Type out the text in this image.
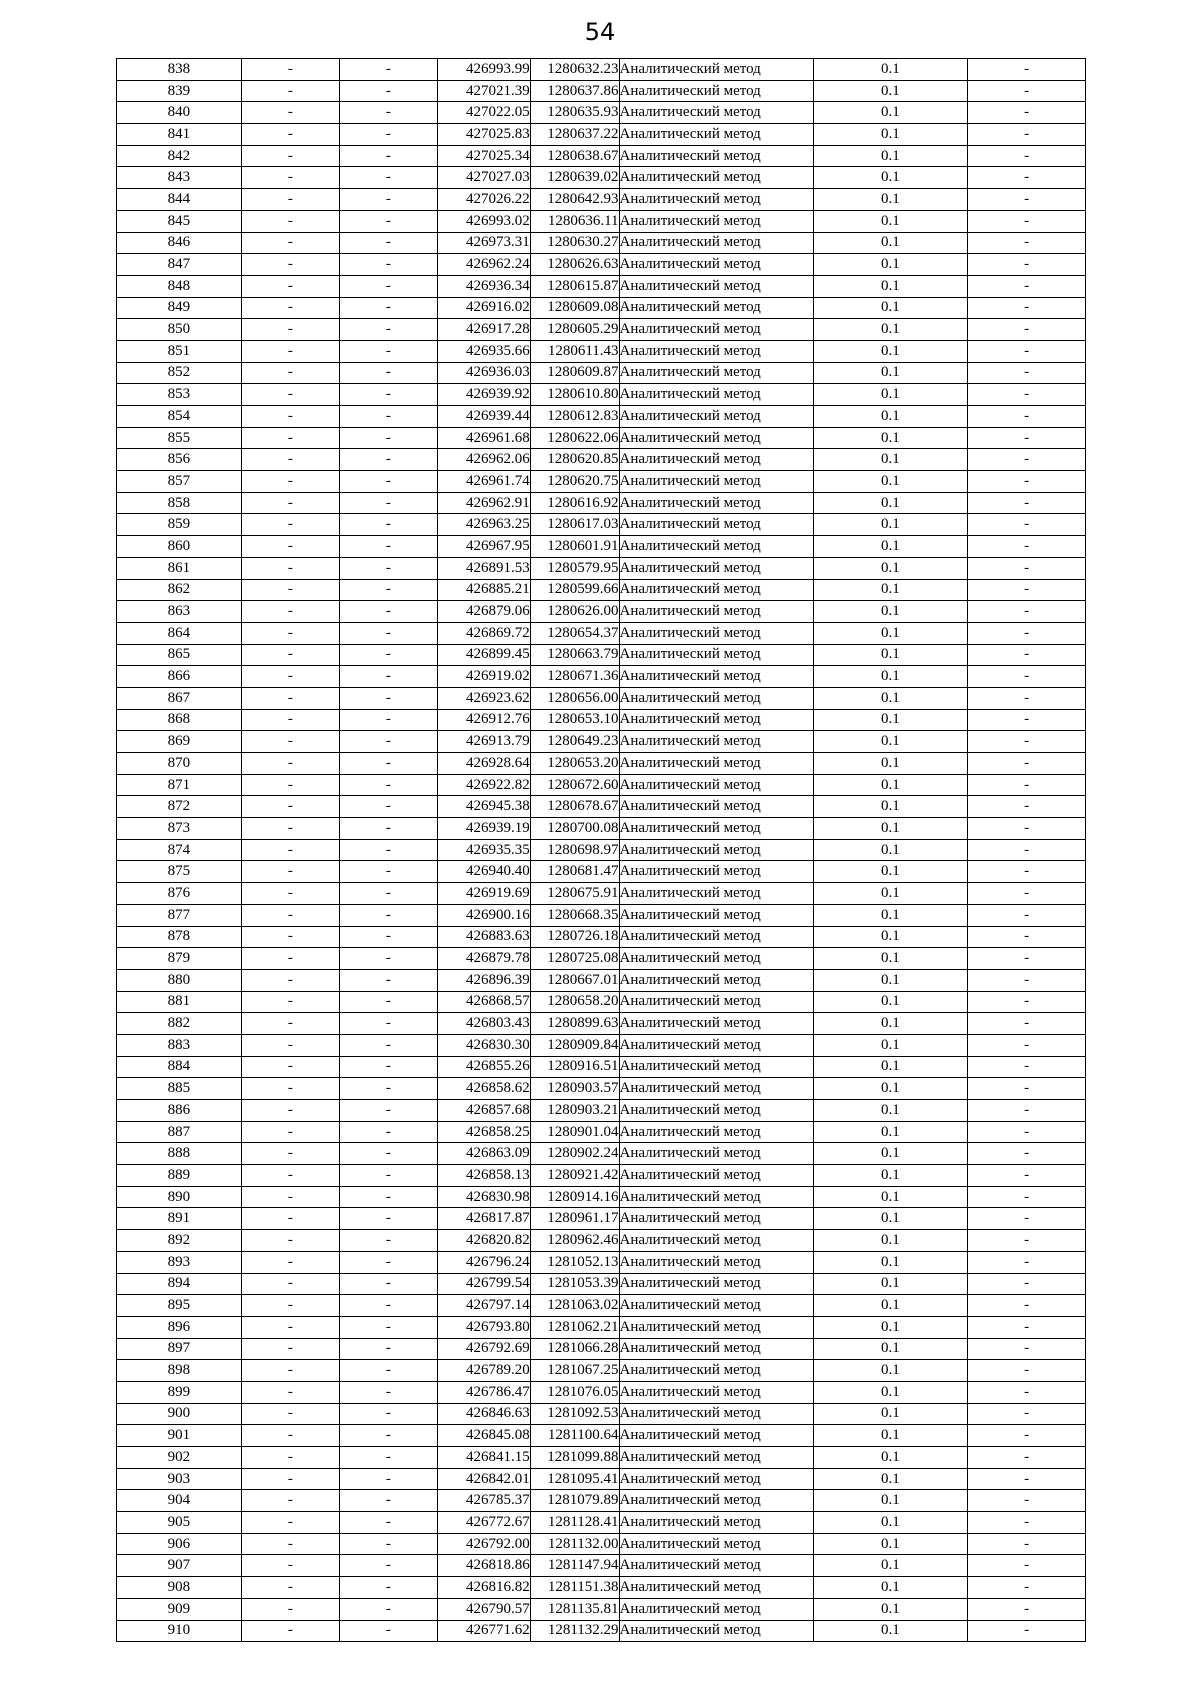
54
838	-	-	426993.99	1280632.23	Аналитический метод	0.1	-
839	-	-	427021.39	1280637.86	Аналитический метод	0.1	-
840	-	-	427022.05	1280635.93	Аналитический метод	0.1	-
841	-	-	427025.83	1280637.22	Аналитический метод	0.1	-
842	-	-	427025.34	1280638.67	Аналитический метод	0.1	-
843	-	-	427027.03	1280639.02	Аналитический метод	0.1	-
844	-	-	427026.22	1280642.93	Аналитический метод	0.1	-
845	-	-	426993.02	1280636.11	Аналитический метод	0.1	-
846	-	-	426973.31	1280630.27	Аналитический метод	0.1	-
847	-	-	426962.24	1280626.63	Аналитический метод	0.1	-
848	-	-	426936.34	1280615.87	Аналитический метод	0.1	-
849	-	-	426916.02	1280609.08	Аналитический метод	0.1	-
850	-	-	426917.28	1280605.29	Аналитический метод	0.1	-
851	-	-	426935.66	1280611.43	Аналитический метод	0.1	-
852	-	-	426936.03	1280609.87	Аналитический метод	0.1	-
853	-	-	426939.92	1280610.80	Аналитический метод	0.1	-
854	-	-	426939.44	1280612.83	Аналитический метод	0.1	-
855	-	-	426961.68	1280622.06	Аналитический метод	0.1	-
856	-	-	426962.06	1280620.85	Аналитический метод	0.1	-
857	-	-	426961.74	1280620.75	Аналитический метод	0.1	-
858	-	-	426962.91	1280616.92	Аналитический метод	0.1	-
859	-	-	426963.25	1280617.03	Аналитический метод	0.1	-
860	-	-	426967.95	1280601.91	Аналитический метод	0.1	-
861	-	-	426891.53	1280579.95	Аналитический метод	0.1	-
862	-	-	426885.21	1280599.66	Аналитический метод	0.1	-
863	-	-	426879.06	1280626.00	Аналитический метод	0.1	-
864	-	-	426869.72	1280654.37	Аналитический метод	0.1	-
865	-	-	426899.45	1280663.79	Аналитический метод	0.1	-
866	-	-	426919.02	1280671.36	Аналитический метод	0.1	-
867	-	-	426923.62	1280656.00	Аналитический метод	0.1	-
868	-	-	426912.76	1280653.10	Аналитический метод	0.1	-
869	-	-	426913.79	1280649.23	Аналитический метод	0.1	-
870	-	-	426928.64	1280653.20	Аналитический метод	0.1	-
871	-	-	426922.82	1280672.60	Аналитический метод	0.1	-
872	-	-	426945.38	1280678.67	Аналитический метод	0.1	-
873	-	-	426939.19	1280700.08	Аналитический метод	0.1	-
874	-	-	426935.35	1280698.97	Аналитический метод	0.1	-
875	-	-	426940.40	1280681.47	Аналитический метод	0.1	-
876	-	-	426919.69	1280675.91	Аналитический метод	0.1	-
877	-	-	426900.16	1280668.35	Аналитический метод	0.1	-
878	-	-	426883.63	1280726.18	Аналитический метод	0.1	-
879	-	-	426879.78	1280725.08	Аналитический метод	0.1	-
880	-	-	426896.39	1280667.01	Аналитический метод	0.1	-
881	-	-	426868.57	1280658.20	Аналитический метод	0.1	-
882	-	-	426803.43	1280899.63	Аналитический метод	0.1	-
883	-	-	426830.30	1280909.84	Аналитический метод	0.1	-
884	-	-	426855.26	1280916.51	Аналитический метод	0.1	-
885	-	-	426858.62	1280903.57	Аналитический метод	0.1	-
886	-	-	426857.68	1280903.21	Аналитический метод	0.1	-
887	-	-	426858.25	1280901.04	Аналитический метод	0.1	-
888	-	-	426863.09	1280902.24	Аналитический метод	0.1	-
889	-	-	426858.13	1280921.42	Аналитический метод	0.1	-
890	-	-	426830.98	1280914.16	Аналитический метод	0.1	-
891	-	-	426817.87	1280961.17	Аналитический метод	0.1	-
892	-	-	426820.82	1280962.46	Аналитический метод	0.1	-
893	-	-	426796.24	1281052.13	Аналитический метод	0.1	-
894	-	-	426799.54	1281053.39	Аналитический метод	0.1	-
895	-	-	426797.14	1281063.02	Аналитический метод	0.1	-
896	-	-	426793.80	1281062.21	Аналитический метод	0.1	-
897	-	-	426792.69	1281066.28	Аналитический метод	0.1	-
898	-	-	426789.20	1281067.25	Аналитический метод	0.1	-
899	-	-	426786.47	1281076.05	Аналитический метод	0.1	-
900	-	-	426846.63	1281092.53	Аналитический метод	0.1	-
901	-	-	426845.08	1281100.64	Аналитический метод	0.1	-
902	-	-	426841.15	1281099.88	Аналитический метод	0.1	-
903	-	-	426842.01	1281095.41	Аналитический метод	0.1	-
904	-	-	426785.37	1281079.89	Аналитический метод	0.1	-
905	-	-	426772.67	1281128.41	Аналитический метод	0.1	-
906	-	-	426792.00	1281132.00	Аналитический метод	0.1	-
907	-	-	426818.86	1281147.94	Аналитический метод	0.1	-
908	-	-	426816.82	1281151.38	Аналитический метод	0.1	-
909	-	-	426790.57	1281135.81	Аналитический метод	0.1	-
910	-	-	426771.62	1281132.29	Аналитический метод	0.1	-
